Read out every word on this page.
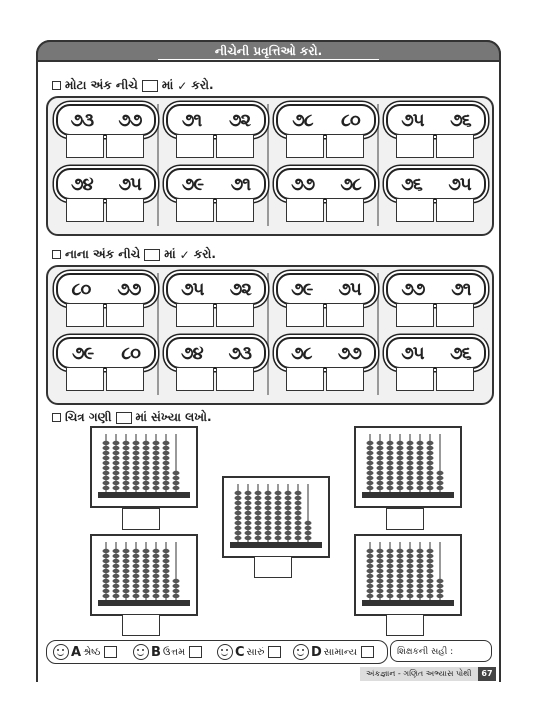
નીચેની પ્રવૃત્તિઓ કરો.
મોટા અંક નીચે માં ✓ કરો.
૭૩ ૭૭ ૭૧ ૭૨ ૭૮ ૮૦ ૭૫ ૭૬
૭૪ ૭૫ ૭૯ ૭૧ ૭૭ ૭૮ ૭૬ ૭૫
નાના અંક નીચે માં ✓ કરો.
૮૦ ૭૭ ૭૫ ૭૨ ૭૯ ૭૫ ૭૭ ૭૧
૭૯ ૮૦ ૭૪ ૭૩ ૭૮ ૭૭ ૭૫ ૭૬
ચિત્ર ગણી માં સંખ્યા લખો.
A શ્રેષ્ઠ	B ઉત્તમ	C સારું	D સામાન્ય	શિક્ષકની સહી :
અંકજ્ઞાન - ગણિત અભ્યાસ પોથી	67
